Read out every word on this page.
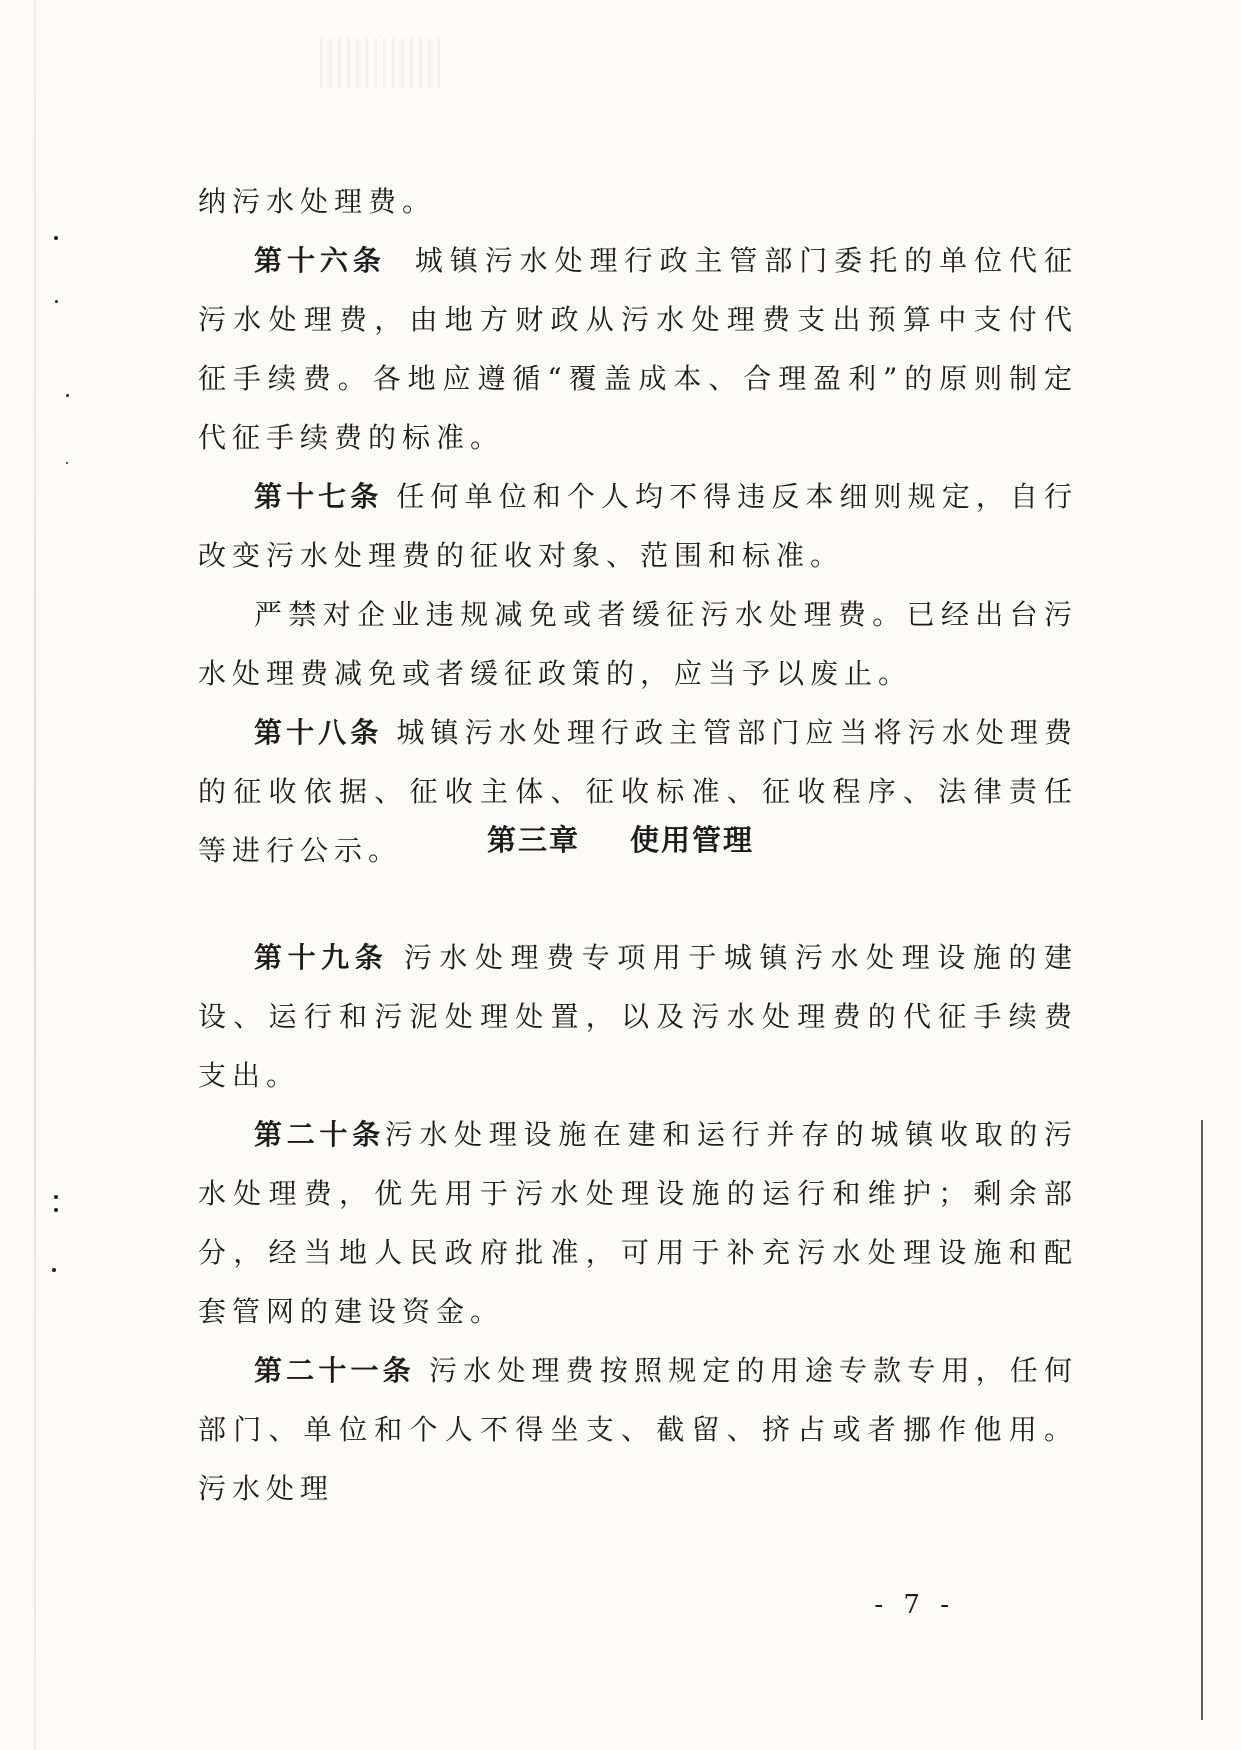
纳污水处理费。

第十六条 城镇污水处理行政主管部门委托的单位代征污水处理费，由地方财政从污水处理费支出预算中支付代征手续费。各地应遵循“覆盖成本、合理盈利”的原则制定代征手续费的标准。

第十七条 任何单位和个人均不得违反本细则规定，自行改变污水处理费的征收对象、范围和标准。

严禁对企业违规减免或者缓征污水处理费。已经出台污水处理费减免或者缓征政策的，应当予以废止。

第十八条 城镇污水处理行政主管部门应当将污水处理费的征收依据、征收主体、征收标准、征收程序、法律责任等进行公示。	第三章 使用管理

第十九条 污水处理费专项用于城镇污水处理设施的建设、运行和污泥处理处置，以及污水处理费的代征手续费支出。

第二十条污水处理设施在建和运行并存的城镇收取的污水处理费，优先用于污水处理设施的运行和维护；剩余部分，经当地人民政府批准，可用于补充污水处理设施和配套管网的建设资金。

第二十一条 污水处理费按照规定的用途专款专用，任何部门、单位和个人不得坐支、截留、挤占或者挪作他用。污水处理

- 7 -
